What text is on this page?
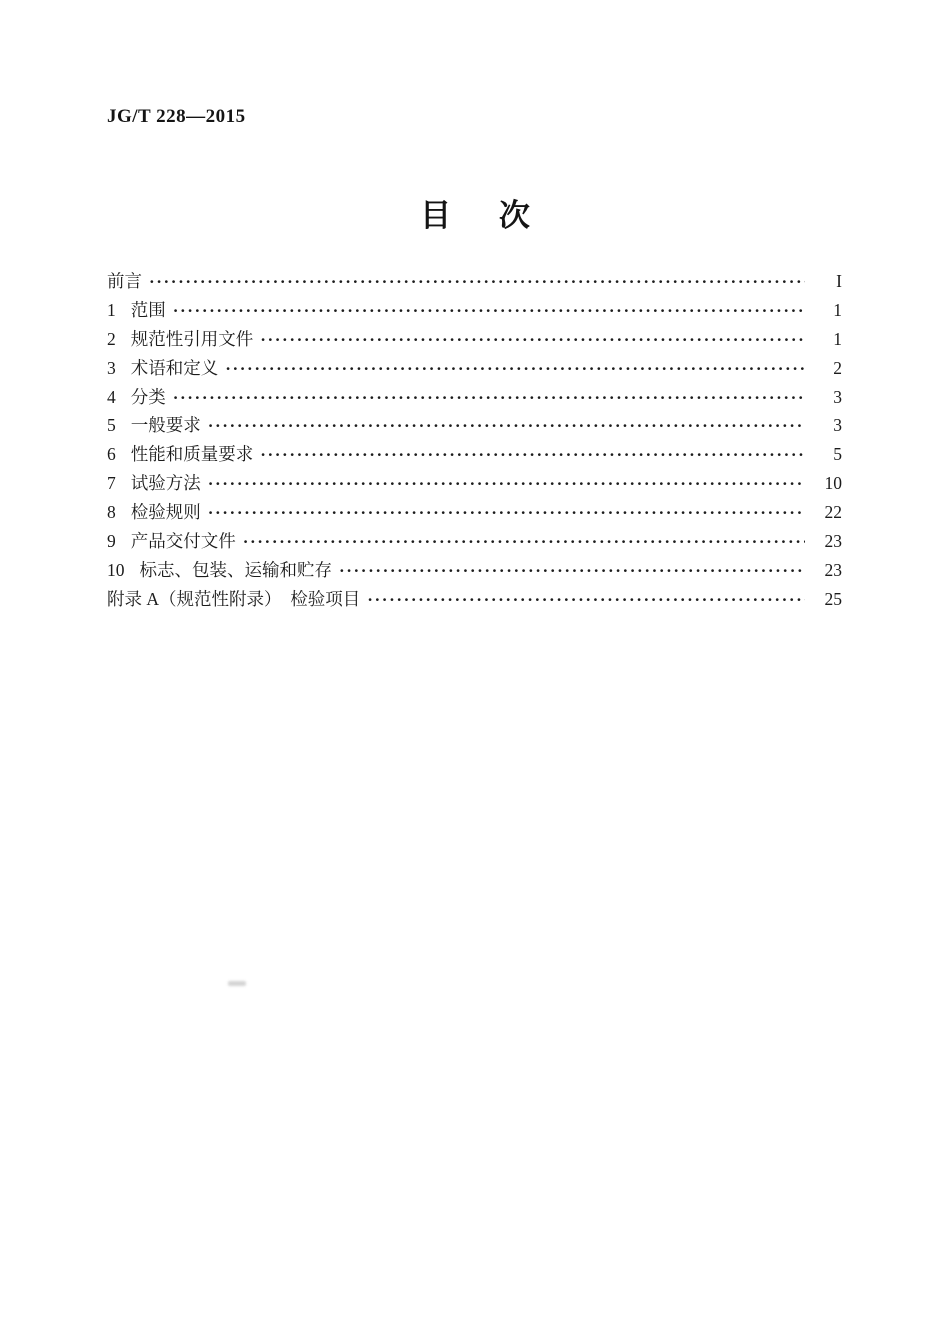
JG/T 228—2015
目 次
前言 ·····	I
1 范围 ·····	1
2 规范性引用文件 ·····	1
3 术语和定义 ·····	2
4 分类 ·····	3
5 一般要求 ·····	3
6 性能和质量要求 ·····	5
7 试验方法 ·····	10
8 检验规则 ·····	22
9 产品交付文件 ·····	23
10 标志、包装、运输和贮存 ·····	23
附录 A（规范性附录）  检验项目 ·····	25
